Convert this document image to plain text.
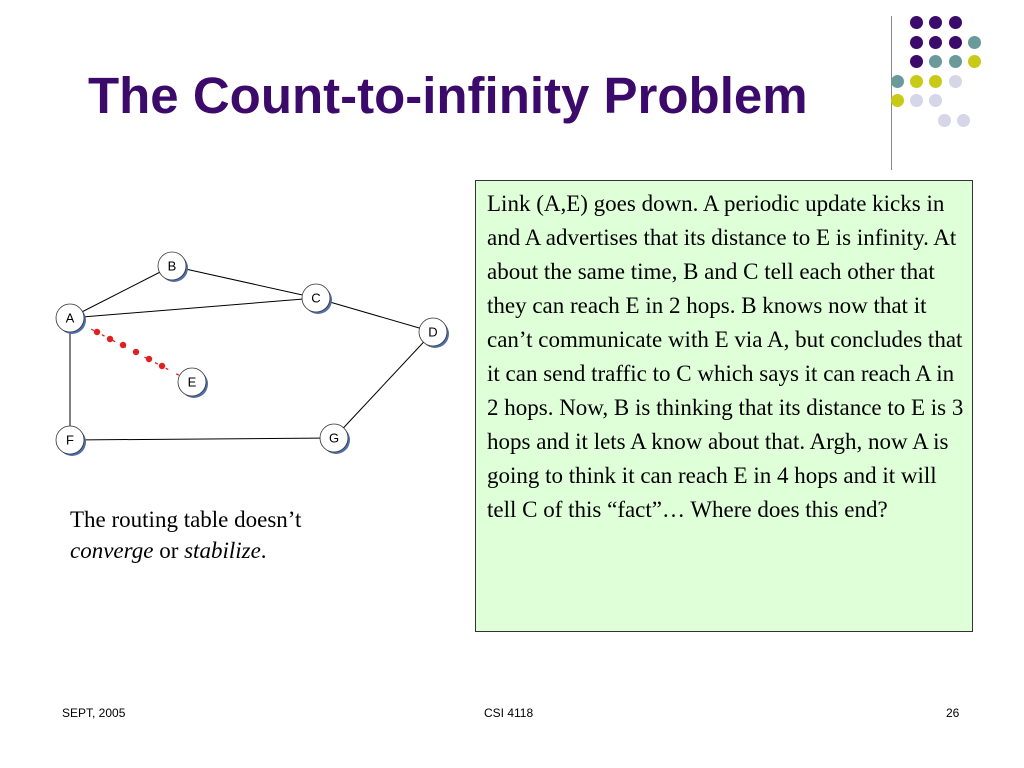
The Count-to-infinity Problem
B
A
C
D
E
F	G
Link (A,E) goes down. A periodic update kicks in and A advertises that its distance to E is infinity. At about the same time, B and C tell each other that they can reach E in 2 hops. B knows now that it can’t communicate with E via A, but concludes that it can send traffic to C which says it can reach A in 2 hops. Now, B is thinking that its distance to E is 3 hops and it lets A know about that. Argh, now A is going to think it can reach E in 4 hops and it will tell C of this “fact”… Where does this end?
The routing table doesn’t
converge or stabilize.
SEPT, 2005	CSI 4118	26
